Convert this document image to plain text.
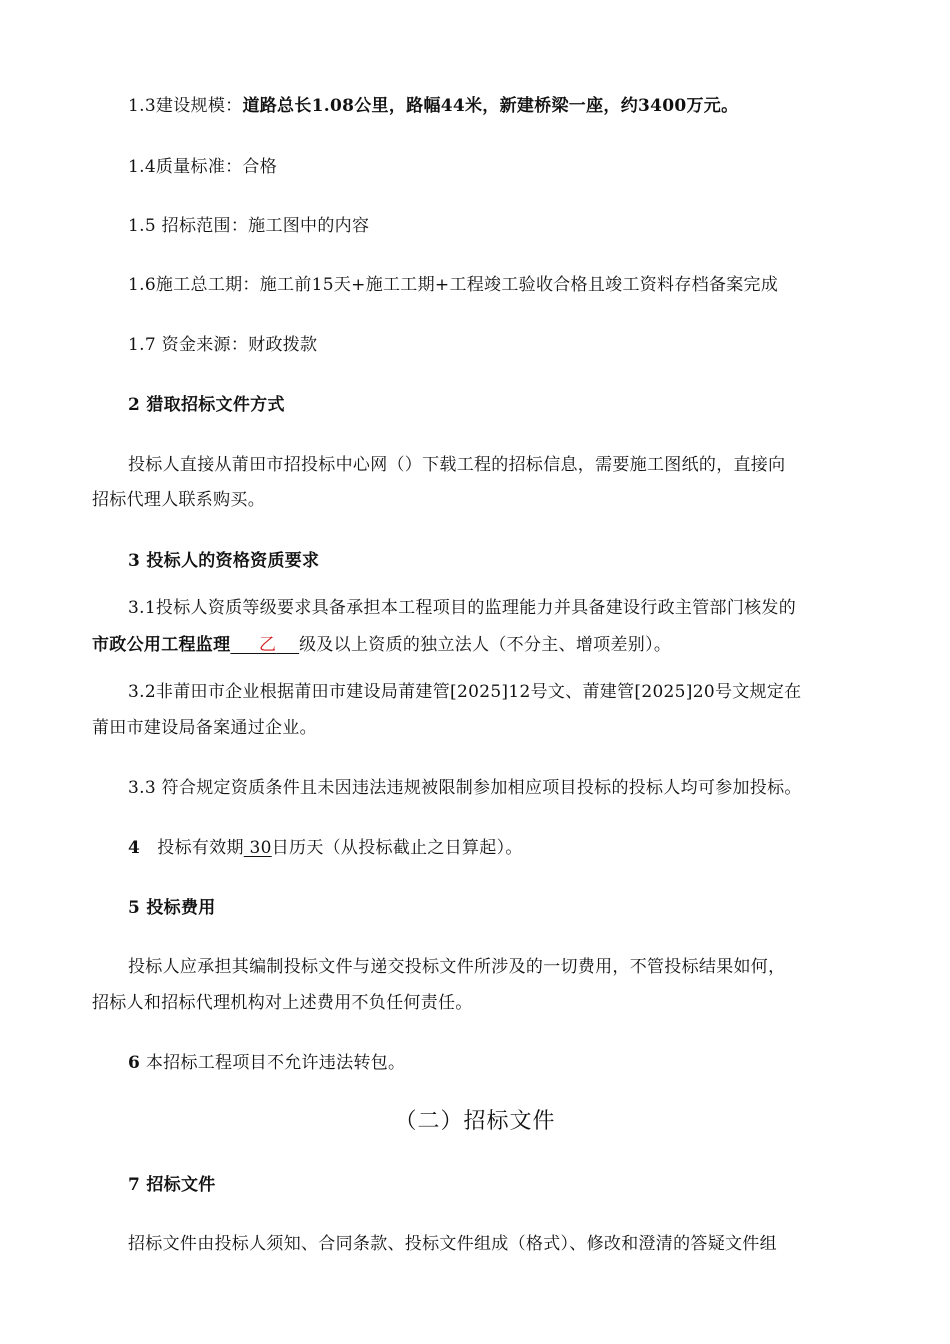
1.3建设规模：道路总长1.08公里，路幅44米，新建桥梁一座，约3400万元。
1.4质量标准：合格
1.5 招标范围：施工图中的内容
1.6施工总工期：施工前15天+施工工期+工程竣工验收合格且竣工资料存档备案完成
1.7 资金来源：财政拨款
2 猎取招标文件方式
投标人直接从莆田市招投标中心网（）下载工程的招标信息，需要施工图纸的，直接向
招标代理人联系购买。
3 投标人的资格资质要求
3.1投标人资质等级要求具备承担本工程项目的监理能力并具备建设行政主管部门核发的
市政公用工程监理 乙 级及以上资质的独立法人（不分主、增项差别）。
3.2非莆田市企业根据莆田市建设局莆建管[2025]12号文、莆建管[2025]20号文规定在
莆田市建设局备案通过企业。
3.3 符合规定资质条件且未因违法违规被限制参加相应项目投标的投标人均可参加投标。
4 投标有效期 30日历天（从投标截止之日算起）。
5 投标费用
投标人应承担其编制投标文件与递交投标文件所涉及的一切费用，不管投标结果如何，
招标人和招标代理机构对上述费用不负任何责任。
6 本招标工程项目不允许违法转包。
（二）招标文件
7 招标文件
招标文件由投标人须知、合同条款、投标文件组成（格式）、修改和澄清的答疑文件组
